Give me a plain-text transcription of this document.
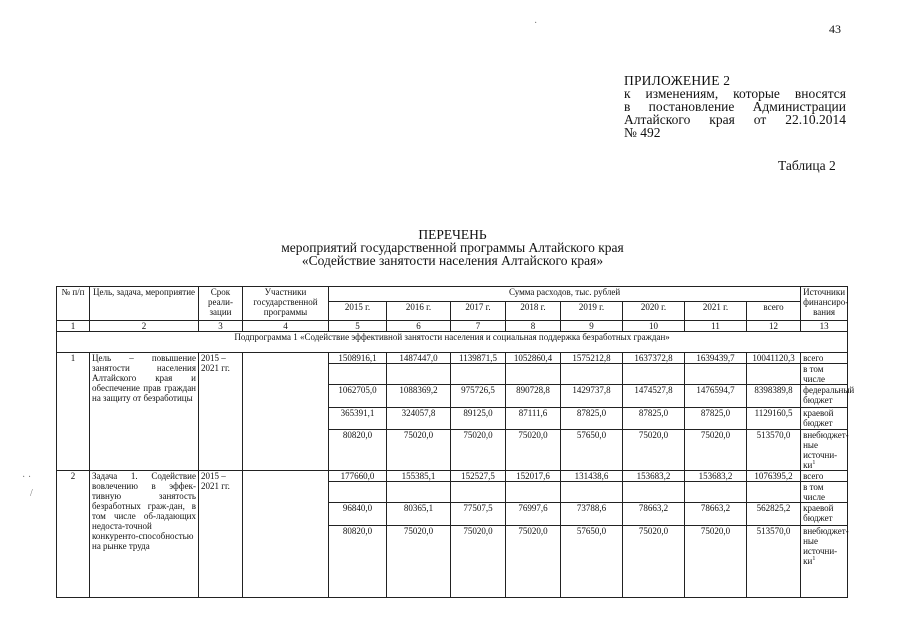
43
ПРИЛОЖЕНИЕ 2
к изменениям, которые вносятся
в постановление Администрации
Алтайского края от 22.10.2014
№ 492
Таблица 2
ПЕРЕЧЕНЬ
мероприятий государственной программы Алтайского края
«Содействие занятости населения Алтайского края»
·
· ·
/
№ п/п	Цель, задача, мероприятие	Срок реали-зации	Участники государственной программы	Сумма расходов, тыс. рублей								Источники финансиро-вания
				2015 г.	2016 г.	2017 г.	2018 г.	2019 г.	2020 г.	2021 г.	всего	
1	2	3	4	5	6	7	8	9	10	11	12	13
Подпрограмма 1 «Содействие эффективной занятости населения и социальная поддержка безработных граждан»												
1	Цель – повышение занятости населения Алтайского края и обеспечение прав граждан на защиту от безработицы	2015 – 2021 гг.		1508916,1	1487447,0	1139871,5	1052860,4	1575212,8	1637372,8	1639439,7	10041120,3	всего
												в том числе
				1062705,0	1088369,2	975726,5	890728,8	1429737,8	1474527,8	1476594,7	8398389,8	федеральный бюджет
				365391,1	324057,8	89125,0	87111,6	87825,0	87825,0	87825,0	1129160,5	краевой бюджет
				80820,0	75020,0	75020,0	75020,0	57650,0	75020,0	75020,0	513570,0	внебюджет-ные источни-$ки^1$
2	Задача 1. Содействие вовлечению в эффек-тивную занятость безработных граж-дан, в том числе об-ладающих недоста-точной конкуренто-способностью на рынке труда	2015 – 2021 гг.		177660,0	155385,1	152527,5	152017,6	131438,6	153683,2	153683,2	1076395,2	всего
												в том числе
				96840,0	80365,1	77507,5	76997,6	73788,6	78663,2	78663,2	562825,2	краевой бюджет
				80820,0	75020,0	75020,0	75020,0	57650,0	75020,0	75020,0	513570,0	внебюджет-ные источни-$ки^1$
